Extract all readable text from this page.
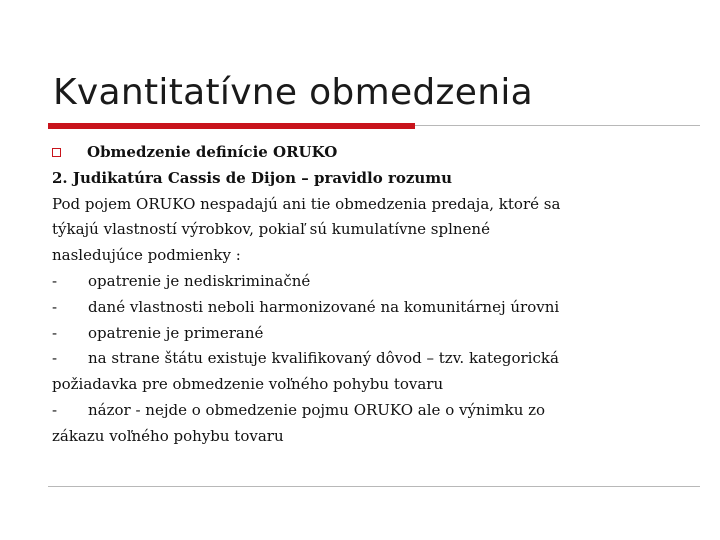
Kvantitatívne obmedzenia
Obmedzenie definície ORUKO
2. Judikatúra Cassis de Dijon – pravidlo rozumu
Pod pojem ORUKO nespadajú ani tie obmedzenia predaja, ktoré sa
týkajú vlastností výrobkov, pokiaľ sú kumulatívne splnené
nasledujúce podmienky :
- opatrenie je nediskriminačné
- dané vlastnosti neboli harmonizované na komunitárnej úrovni
- opatrenie je primerané
- na strane štátu existuje kvalifikovaný dôvod – tzv. kategorická
požiadavka pre obmedzenie voľného pohybu tovaru
- názor - nejde o obmedzenie pojmu ORUKO ale o výnimku zo
zákazu voľného pohybu tovaru
